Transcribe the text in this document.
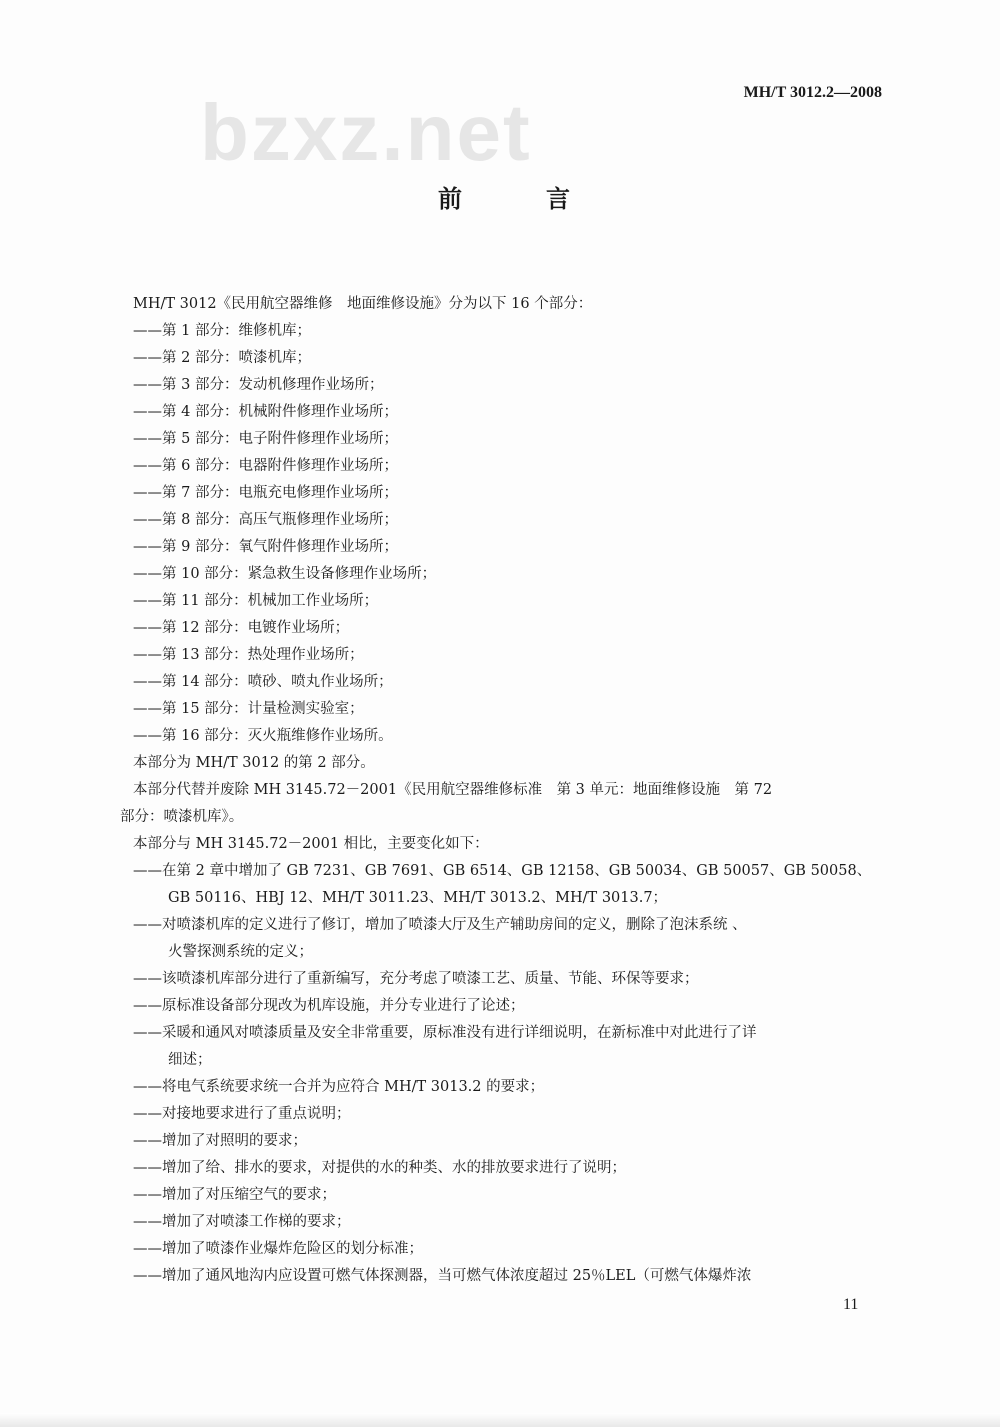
MH/T 3012.2—2008
bzxz.net
前　言
MH/T 3012《民用航空器维修　地面维修设施》分为以下 16 个部分：
——第 1 部分：维修机库；
——第 2 部分：喷漆机库；
——第 3 部分：发动机修理作业场所；
——第 4 部分：机械附件修理作业场所；
——第 5 部分：电子附件修理作业场所；
——第 6 部分：电器附件修理作业场所；
——第 7 部分：电瓶充电修理作业场所；
——第 8 部分：高压气瓶修理作业场所；
——第 9 部分：氧气附件修理作业场所；
——第 10 部分：紧急救生设备修理作业场所；
——第 11 部分：机械加工作业场所；
——第 12 部分：电镀作业场所；
——第 13 部分：热处理作业场所；
——第 14 部分：喷砂、喷丸作业场所；
——第 15 部分：计量检测实验室；
——第 16 部分：灭火瓶维修作业场所。
本部分为 MH/T 3012 的第 2 部分。
本部分代替并废除 MH 3145.72－2001《民用航空器维修标准　第 3 单元：地面维修设施　第 72
部分：喷漆机库》。
本部分与 MH 3145.72－2001 相比，主要变化如下：
——在第 2 章中增加了 GB 7231、GB 7691、GB 6514、GB 12158、GB 50034、GB 50057、GB 50058、
GB 50116、HBJ 12、MH/T 3011.23、MH/T 3013.2、MH/T 3013.7；
——对喷漆机库的定义进行了修订，增加了喷漆大厅及生产辅助房间的定义，删除了泡沫系统 、
火警探测系统的定义；
——该喷漆机库部分进行了重新编写，充分考虑了喷漆工艺、质量、节能、环保等要求；
——原标准设备部分现改为机库设施，并分专业进行了论述；
——采暖和通风对喷漆质量及安全非常重要，原标准没有进行详细说明，在新标准中对此进行了详
细述；
——将电气系统要求统一合并为应符合 MH/T 3013.2 的要求；
——对接地要求进行了重点说明；
——增加了对照明的要求；
——增加了给、排水的要求，对提供的水的种类、水的排放要求进行了说明；
——增加了对压缩空气的要求；
——增加了对喷漆工作梯的要求；
——增加了喷漆作业爆炸危险区的划分标准；
——增加了通风地沟内应设置可燃气体探测器，当可燃气体浓度超过 25％LEL（可燃气体爆炸浓
11
